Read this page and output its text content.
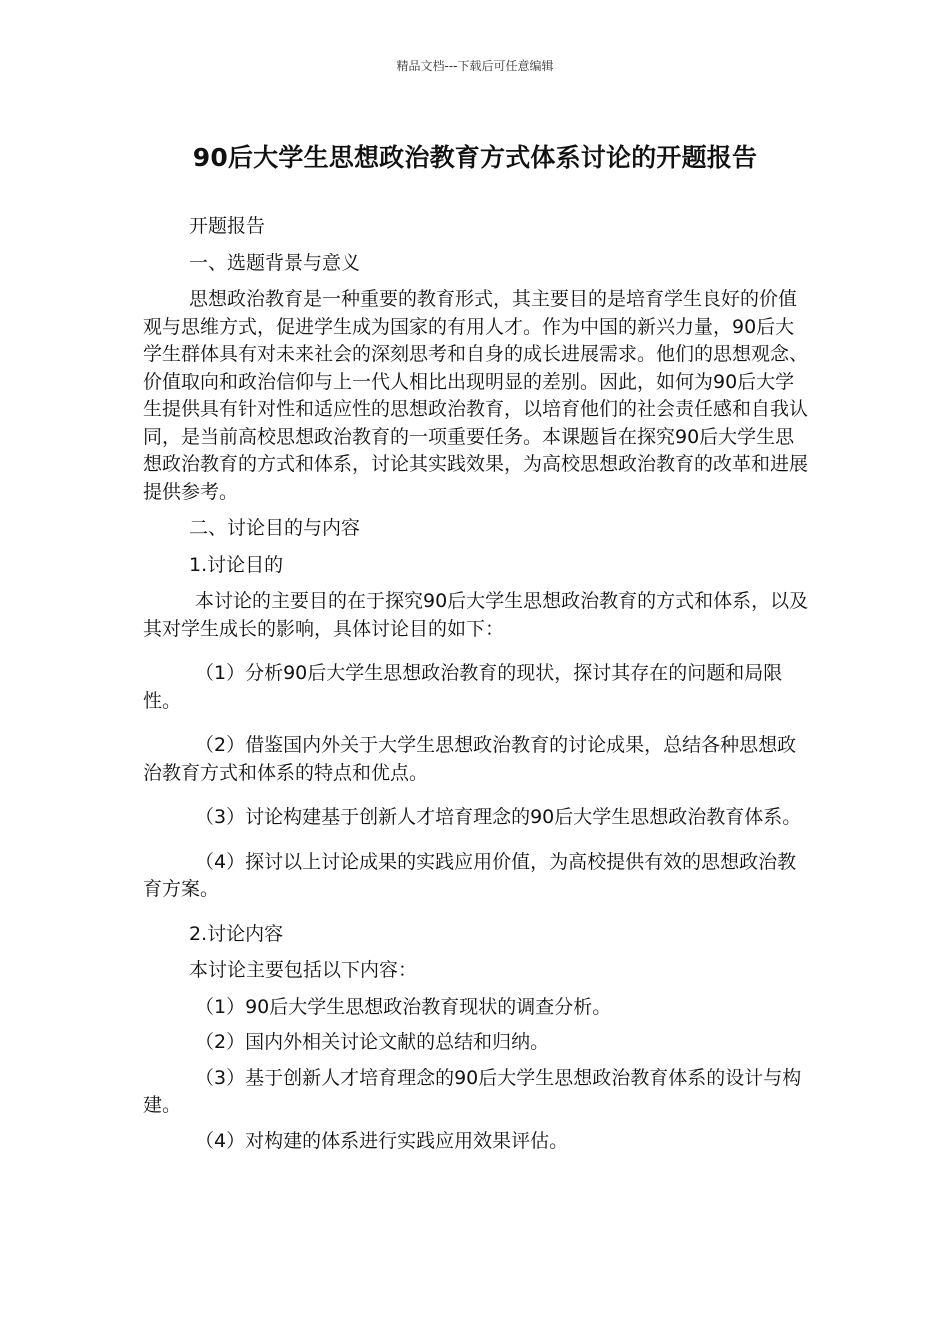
精品文档---下载后可任意编辑
90后大学生思想政治教育方式体系讨论的开题报告

开题报告

一、选题背景与意义

思想政治教育是一种重要的教育形式，其主要目的是培育学生良好的价值观与思维方式，促进学生成为国家的有用人才。作为中国的新兴力量，90后大学生群体具有对未来社会的深刻思考和自身的成长进展需求。他们的思想观念、价值取向和政治信仰与上一代人相比出现明显的差别。因此，如何为90后大学生提供具有针对性和适应性的思想政治教育，以培育他们的社会责任感和自我认同，是当前高校思想政治教育的一项重要任务。本课题旨在探究90后大学生思想政治教育的方式和体系，讨论其实践效果，为高校思想政治教育的改革和进展提供参考。

二、讨论目的与内容

1.讨论目的

本讨论的主要目的在于探究90后大学生思想政治教育的方式和体系，以及其对学生成长的影响，具体讨论目的如下：

（1）分析90后大学生思想政治教育的现状，探讨其存在的问题和局限性。

（2）借鉴国内外关于大学生思想政治教育的讨论成果，总结各种思想政治教育方式和体系的特点和优点。

（3）讨论构建基于创新人才培育理念的90后大学生思想政治教育体系。

（4）探讨以上讨论成果的实践应用价值，为高校提供有效的思想政治教育方案。

2.讨论内容

本讨论主要包括以下内容：

（1）90后大学生思想政治教育现状的调查分析。

（2）国内外相关讨论文献的总结和归纳。

（3）基于创新人才培育理念的90后大学生思想政治教育体系的设计与构建。

（4）对构建的体系进行实践应用效果评估。
